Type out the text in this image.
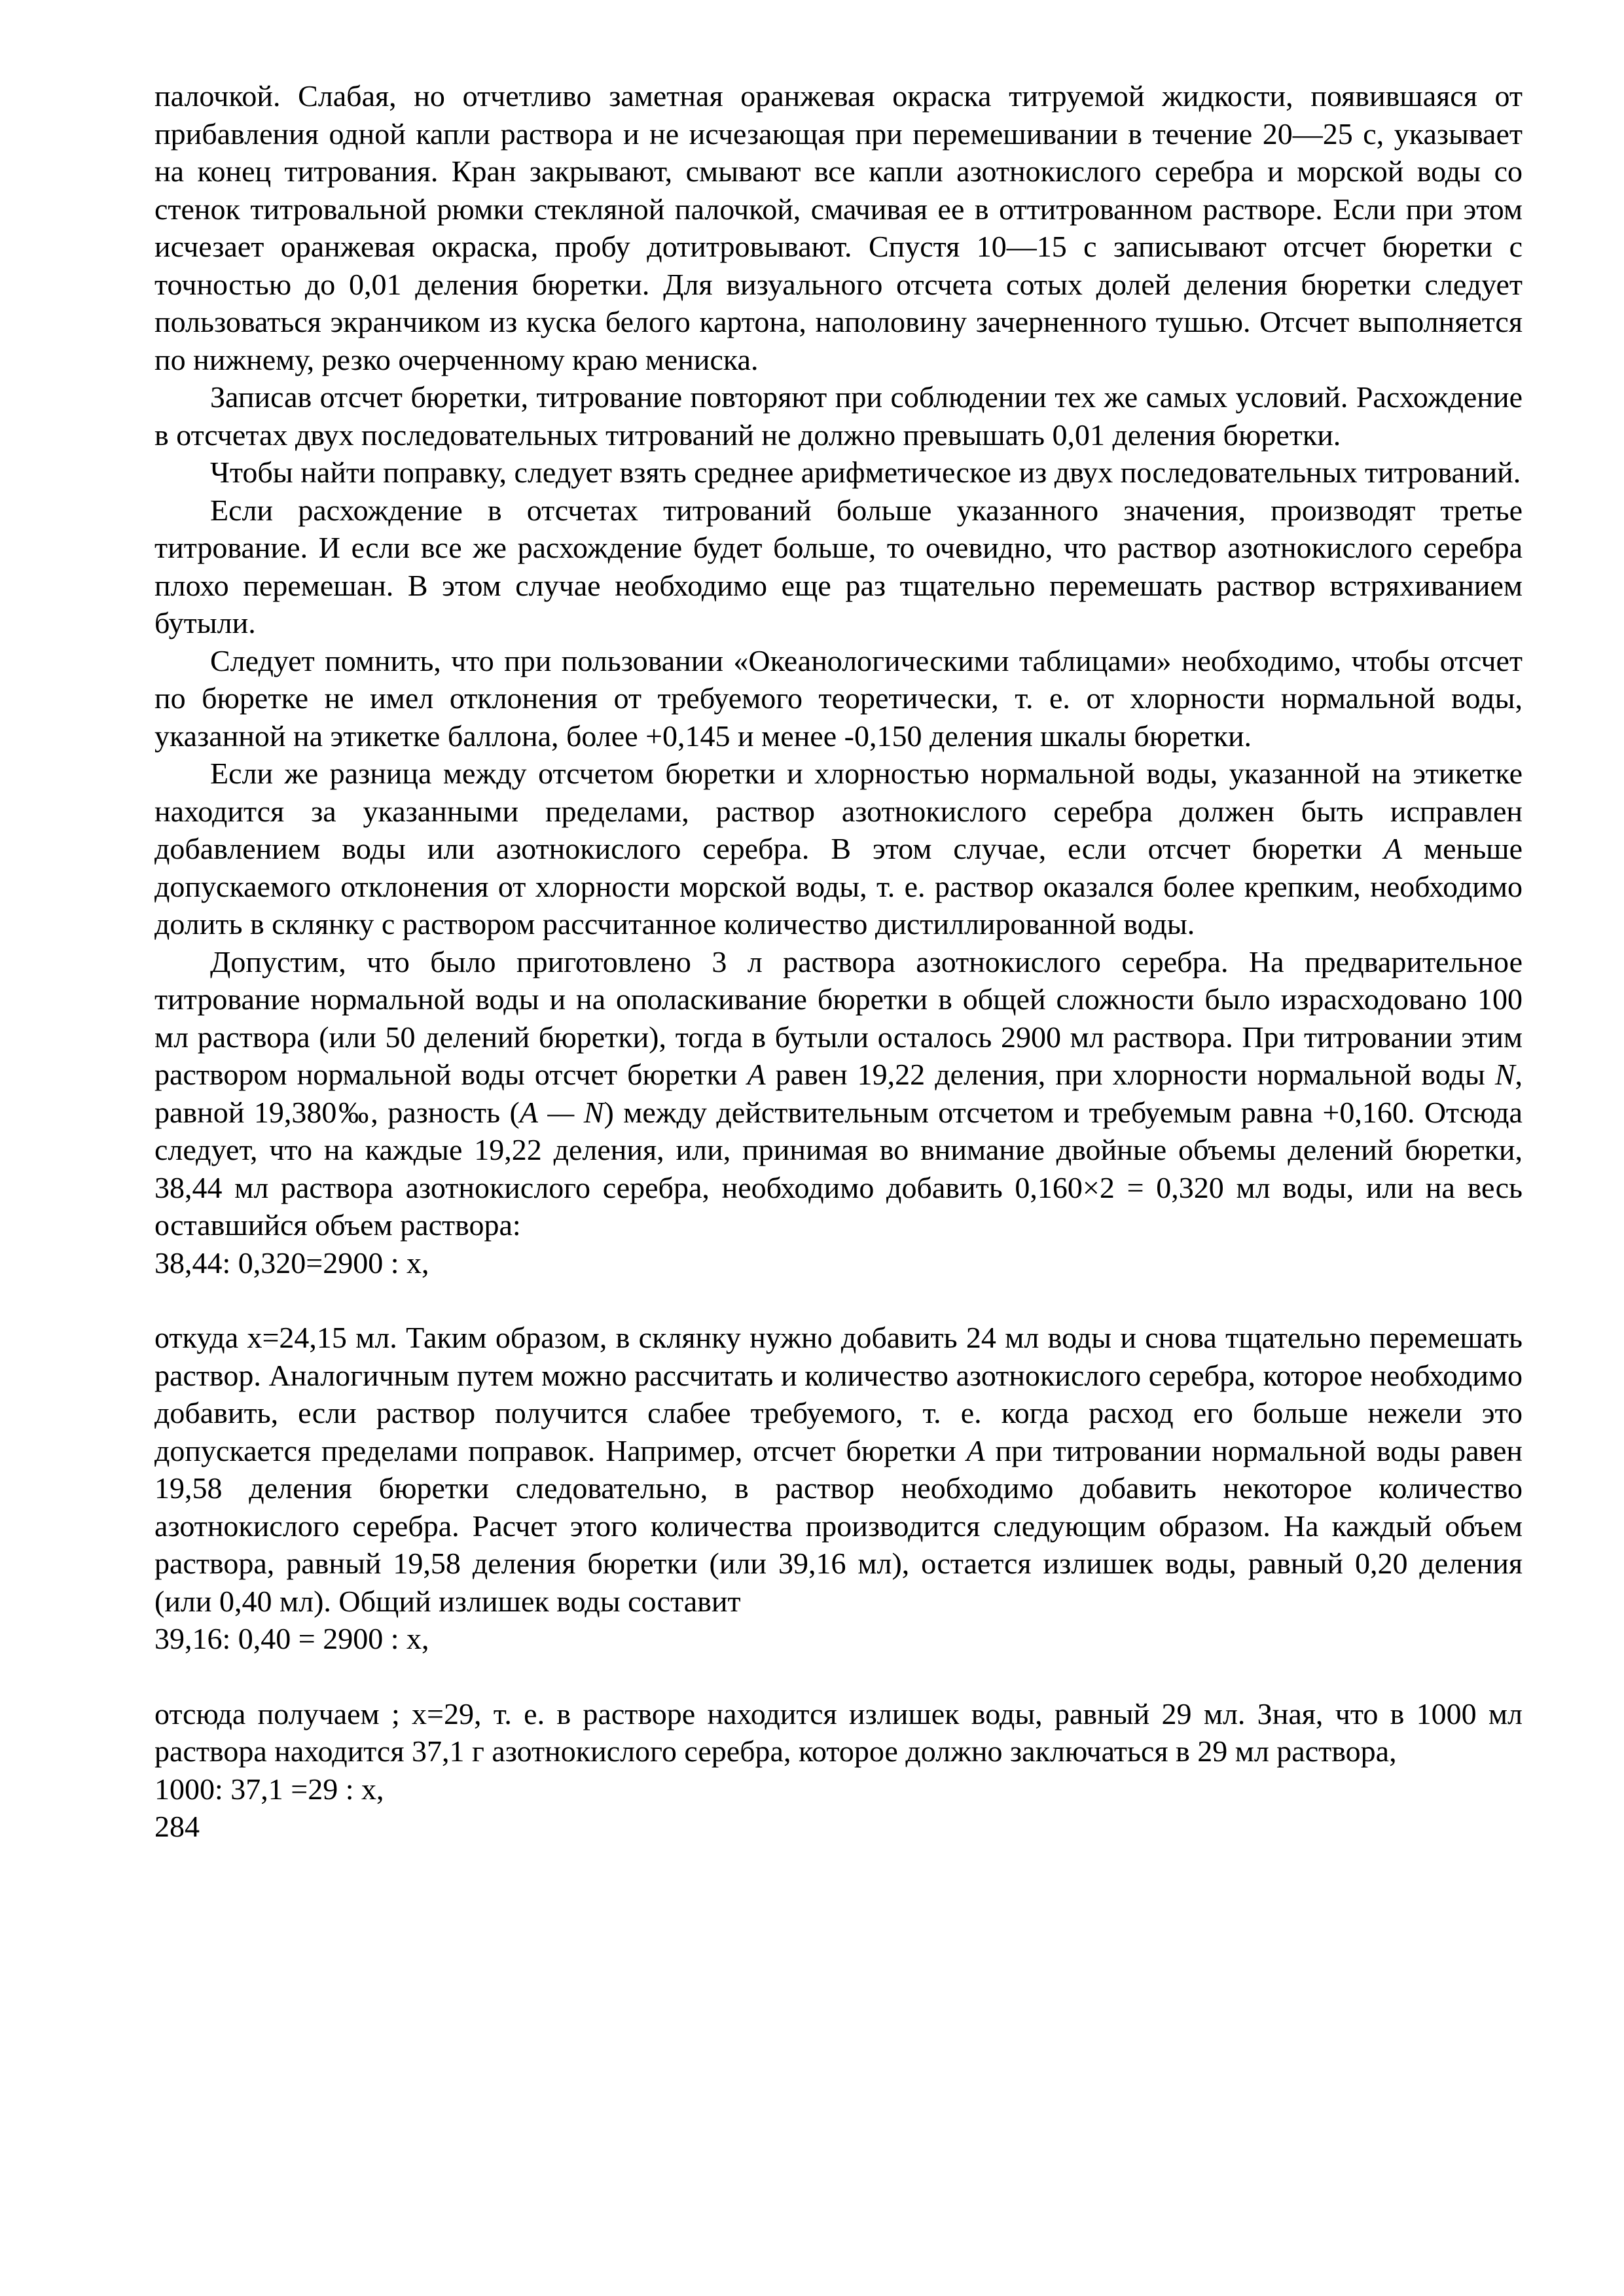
палочкой. Слабая, но отчетливо заметная оранжевая окраска титруемой жидкости, появившаяся от прибавления одной капли раствора и не исчезающая при перемешивании в течение 20—25 с, указывает на конец титрования. Кран закрывают, смывают все капли азотнокислого серебра и морской воды со стенок титровальной рюмки стекляной палочкой, смачивая ее в оттитрованном растворе. Если при этом исчезает оранжевая окраска, пробу дотитровывают. Спустя 10—15 с записывают отсчет бюретки с точностью до 0,01 деления бюретки. Для визуального отсчета сотых долей деления бюретки следует пользоваться экранчиком из куска белого картона, наполовину зачерненного тушью. Отсчет выполняется по нижнему, резко очерченному краю мениска.

Записав отсчет бюретки, титрование повторяют при соблюдении тех же самых условий. Расхождение в отсчетах двух последовательных титрований не должно превышать 0,01 деления бюретки.

Чтобы найти поправку, следует взять среднее арифметическое из двух последовательных титрований.

Если расхождение в отсчетах титрований больше указанного значения, производят третье титрование. И если все же расхождение будет больше, то очевидно, что раствор азотнокислого серебра плохо перемешан. В этом случае необходимо еще раз тщательно перемешать раствор встряхиванием бутыли.

Следует помнить, что при пользовании «Океанологическими таблицами» необходимо, чтобы отсчет по бюретке не имел отклонения от требуемого теоретически, т. е. от хлорности нормальной воды, указанной на этикетке баллона, более +0,145 и менее -0,150 деления шкалы бюретки.

Если же разница между отсчетом бюретки и хлорностью нормальной воды, указанной на этикетке находится за указанными пределами, раствор азотнокислого серебра должен быть исправлен добавлением воды или азотнокислого серебра. В этом случае, если отсчет бюретки А меньше допускаемого отклонения от хлорности морской воды, т. е. раствор оказался более крепким, необходимо долить в склянку с раствором рассчитанное количество дистиллированной воды.

Допустим, что было приготовлено 3 л раствора азотнокислого серебра. На предварительное титрование нормальной воды и на ополаскивание бюретки в общей сложности было израсходовано 100 мл раствора (или 50 делений бюретки), тогда в бутыли осталось 2900 мл раствора. При титровании этим раствором нормальной воды отсчет бюретки А равен 19,22 деления, при хлорности нормальной воды N, равной 19,380‰, разность (А — N) между действительным отсчетом и требуемым равна +0,160. Отсюда следует, что на каждые 19,22 деления, или, принимая во внимание двойные объемы делений бюретки, 38,44 мл раствора азотнокислого серебра, необходимо добавить 0,160×2 = 0,320 мл воды, или на весь оставшийся объем раствора:

38,44: 0,320=2900 : х,

откуда х=24,15 мл. Таким образом, в склянку нужно добавить 24 мл воды и снова тщательно перемешать раствор. Аналогичным путем можно рассчитать и количество азотнокислого серебра, которое необходимо добавить, если раствор получится слабее требуемого, т. е. когда расход его больше нежели это допускается пределами поправок. Например, отсчет бюретки А при титровании нормальной воды равен 19,58 деления бюретки следовательно, в раствор необходимо добавить некоторое количество азотнокислого серебра. Расчет этого количества производится следующим образом. На каждый объем раствора, равный 19,58 деления бюретки (или 39,16 мл), остается излишек воды, равный 0,20 деления (или 0,40 мл). Общий излишек воды составит

39,16: 0,40 = 2900 : х,

отсюда получаем ; х=29, т. е. в растворе находится излишек воды, равный 29 мл. Зная, что в 1000 мл раствора находится 37,1 г азотнокислого серебра, которое должно заключаться в 29 мл раствора,

1000: 37,1 =29 : х,

284
